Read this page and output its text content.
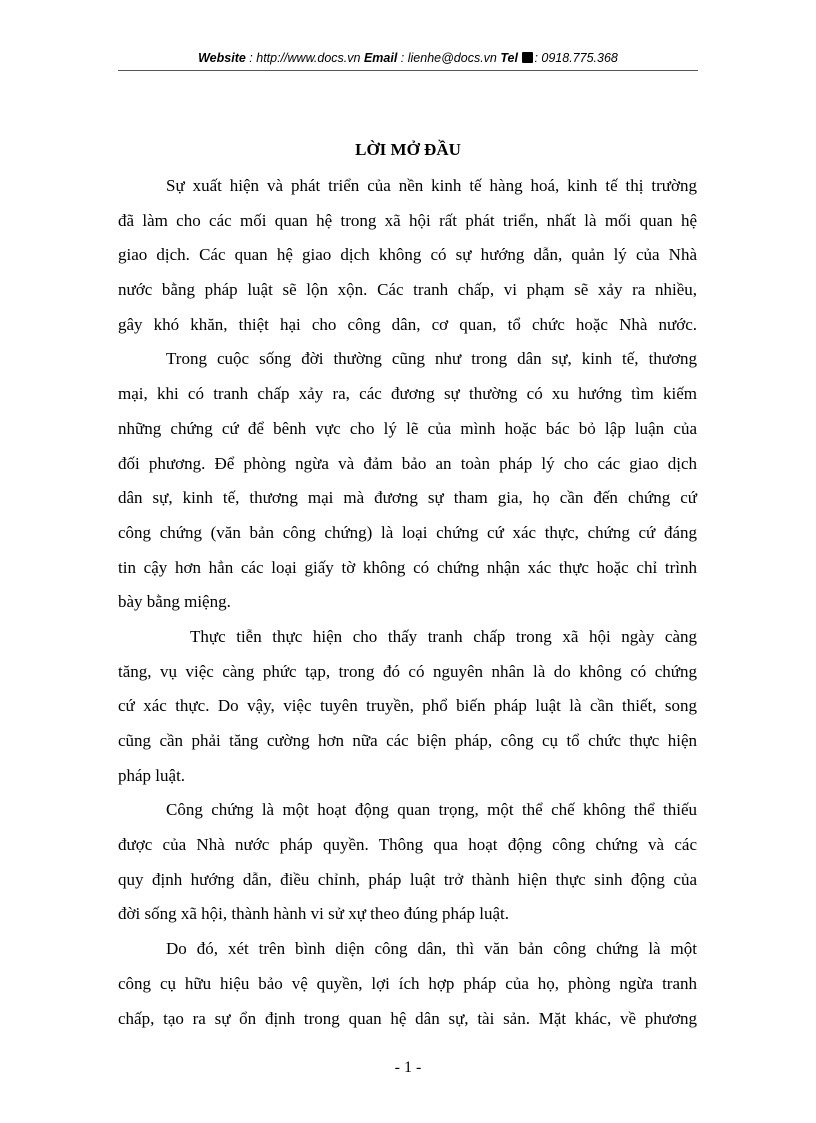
Website : http://www.docs.vn Email : lienhe@docs.vn Tel : 0918.775.368
LỜI MỞ ĐẦU
Sự xuất hiện và phát triển của nền kinh tế hàng hoá, kinh tế thị trường
đã làm cho các mối quan hệ trong xã hội rất phát triển, nhất là mối quan hệ
giao dịch. Các quan hệ giao dịch không có sự hướng dẫn, quản lý của Nhà
nước bằng pháp luật sẽ lộn xộn. Các tranh chấp, vi phạm sẽ xảy ra nhiều,
gây khó khăn, thiệt hại cho công dân, cơ quan, tổ chức hoặc Nhà nước.
Trong cuộc sống đời thường cũng như trong dân sự, kinh tế, thương
mại, khi có tranh chấp xảy ra, các đương sự thường có xu hướng tìm kiếm
những chứng cứ để bênh vực cho lý lẽ của mình hoặc bác bỏ lập luận của
đối phương. Để phòng ngừa và đảm bảo an toàn pháp lý cho các giao dịch
dân sự, kinh tế, thương mại mà đương sự tham gia, họ cần đến chứng cứ
công chứng (văn bản công chứng) là loại chứng cứ xác thực, chứng cứ đáng
tin cậy hơn hẳn các loại giấy tờ không có chứng nhận xác thực hoặc chỉ trình
bày bằng miệng.
Thực tiễn thực hiện cho thấy tranh chấp trong xã hội ngày càng
tăng, vụ việc càng phức tạp, trong đó có nguyên nhân là do không có chứng
cứ xác thực. Do vậy, việc tuyên truyền, phổ biến pháp luật là cần thiết, song
cũng cần phải tăng cường hơn nữa các biện pháp, công cụ tổ chức thực hiện
pháp luật.
Công chứng là một hoạt động quan trọng, một thể chế không thể thiếu
được của Nhà nước pháp quyền. Thông qua hoạt động công chứng và các
quy định hướng dẫn, điều chỉnh, pháp luật trở thành hiện thực sinh động của
đời sống xã hội, thành hành vi sử xự theo đúng pháp luật.
Do đó, xét trên bình diện công dân, thì văn bản công chứng là một
công cụ hữu hiệu bảo vệ quyền, lợi ích hợp pháp của họ, phòng ngừa tranh
chấp, tạo ra sự ổn định trong quan hệ dân sự, tài sản. Mặt khác, về phương
- 1 -
